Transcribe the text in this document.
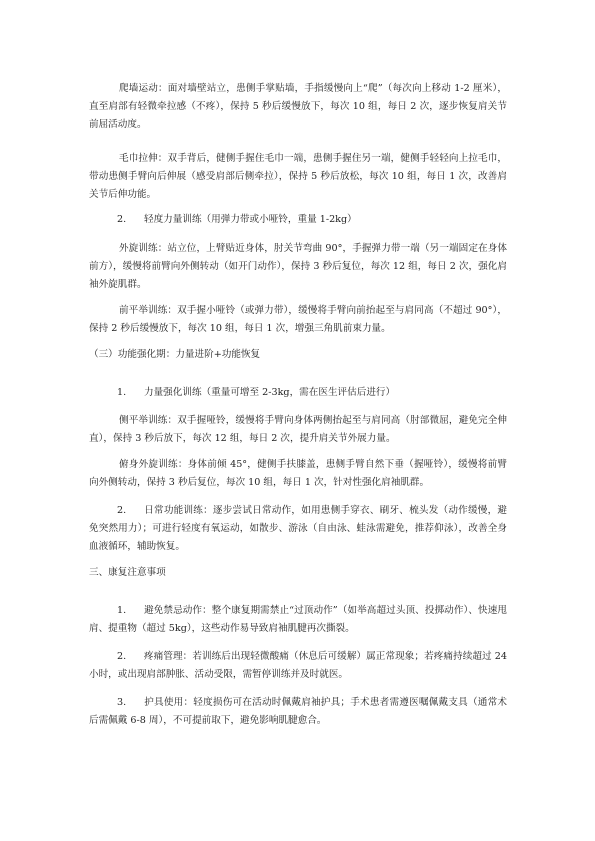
爬墙运动：面对墙壁站立，患侧手掌贴墙，手指缓慢向上“爬”（每次向上移动 1-2 厘米），直至肩部有轻微牵拉感（不疼），保持 5 秒后缓慢放下，每次 10 组，每日 2 次，逐步恢复肩关节前屈活动度。

毛巾拉伸：双手背后，健侧手握住毛巾一端，患侧手握住另一端，健侧手轻轻向上拉毛巾，带动患侧手臂向后伸展（感受肩部后侧牵拉），保持 5 秒后放松，每次 10 组，每日 1 次，改善肩关节后伸功能。

2. 轻度力量训练（用弹力带或小哑铃，重量 1-2kg）

外旋训练：站立位，上臂贴近身体，肘关节弯曲 90°，手握弹力带一端（另一端固定在身体前方），缓慢将前臂向外侧转动（如开门动作），保持 3 秒后复位，每次 12 组，每日 2 次，强化肩袖外旋肌群。

前平举训练：双手握小哑铃（或弹力带），缓慢将手臂向前抬起至与肩同高（不超过 90°），保持 2 秒后缓慢放下，每次 10 组，每日 1 次，增强三角肌前束力量。

（三）功能强化期：力量进阶+功能恢复

1. 力量强化训练（重量可增至 2-3kg，需在医生评估后进行）

侧平举训练：双手握哑铃，缓慢将手臂向身体两侧抬起至与肩同高（肘部微屈，避免完全伸直），保持 3 秒后放下，每次 12 组，每日 2 次，提升肩关节外展力量。

俯身外旋训练：身体前倾 45°，健侧手扶膝盖，患侧手臂自然下垂（握哑铃），缓慢将前臂向外侧转动，保持 3 秒后复位，每次 10 组，每日 1 次，针对性强化肩袖肌群。

2. 日常功能训练：逐步尝试日常动作，如用患侧手穿衣、刷牙、梳头发（动作缓慢，避免突然用力）；可进行轻度有氧运动，如散步、游泳（自由泳、蛙泳需避免，推荐仰泳），改善全身血液循环，辅助恢复。

三、康复注意事项

1. 避免禁忌动作：整个康复期需禁止“过顶动作”（如举高超过头顶、投掷动作）、快速甩肩、提重物（超过 5kg），这些动作易导致肩袖肌腱再次撕裂。

2. 疼痛管理：若训练后出现轻微酸痛（休息后可缓解）属正常现象；若疼痛持续超过 24 小时，或出现肩部肿胀、活动受限，需暂停训练并及时就医。

3. 护具使用：轻度损伤可在活动时佩戴肩袖护具；手术患者需遵医嘱佩戴支具（通常术后需佩戴 6-8 周），不可提前取下，避免影响肌腱愈合。
